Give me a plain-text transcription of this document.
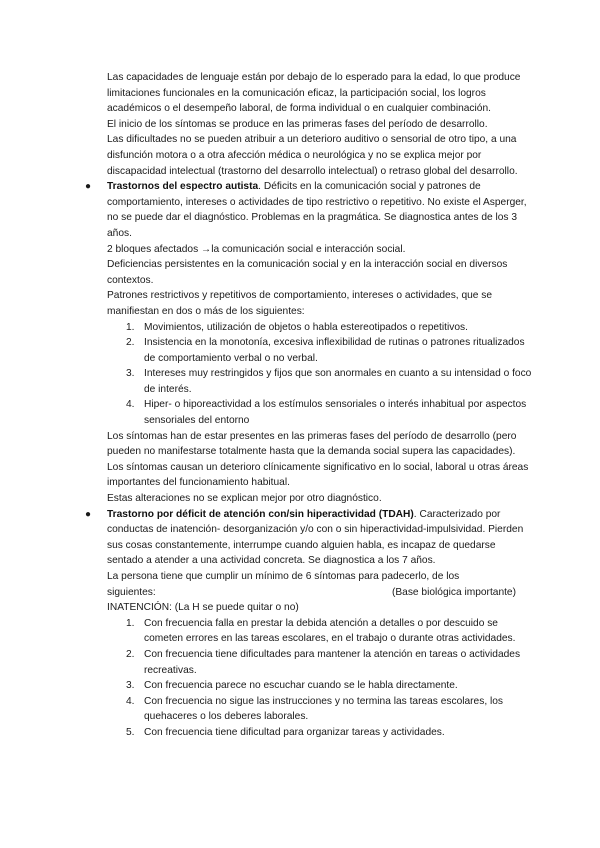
Las capacidades de lenguaje están por debajo de lo esperado para la edad, lo que produce limitaciones funcionales en la comunicación eficaz, la participación social, los logros académicos o el desempeño laboral, de forma individual o en cualquier combinación.

El inicio de los síntomas se produce en las primeras fases del período de desarrollo.

Las dificultades no se pueden atribuir a un deterioro auditivo o sensorial de otro tipo, a una disfunción motora o a otra afección médica o neurológica y no se explica mejor por discapacidad intelectual (trastorno del desarrollo intelectual) o retraso global del desarrollo.

● Trastornos del espectro autista. Déficits en la comunicación social y patrones de comportamiento, intereses o actividades de tipo restrictivo o repetitivo. No existe el Asperger, no se puede dar el diagnóstico. Problemas en la pragmática. Se diagnostica antes de los 3 años.

2 bloques afectados →la comunicación social e interacción social.

Deficiencias persistentes en la comunicación social y en la interacción social en diversos contextos.

Patrones restrictivos y repetitivos de comportamiento, intereses o actividades, que se manifiestan en dos o más de los siguientes:

1. Movimientos, utilización de objetos o habla estereotipados o repetitivos.
2. Insistencia en la monotonía, excesiva inflexibilidad de rutinas o patrones ritualizados de comportamiento verbal o no verbal.
3. Intereses muy restringidos y fijos que son anormales en cuanto a su intensidad o foco de interés.
4. Hiper- o hiporeactividad a los estímulos sensoriales o interés inhabitual por aspectos sensoriales del entorno

Los síntomas han de estar presentes en las primeras fases del período de desarrollo (pero pueden no manifestarse totalmente hasta que la demanda social supera las capacidades).

Los síntomas causan un deterioro clínicamente significativo en lo social, laboral u otras áreas importantes del funcionamiento habitual.

Estas alteraciones no se explican mejor por otro diagnóstico.

● Trastorno por déficit de atención con/sin hiperactividad (TDAH). Caracterizado por conductas de inatención- desorganización y/o con o sin hiperactividad-impulsividad. Pierden sus cosas constantemente, interrumpe cuando alguien habla, es incapaz de quedarse sentado a atender a una actividad concreta. Se diagnostica a los 7 años.

La persona tiene que cumplir un mínimo de 6 síntomas para padecerlo, de los

siguientes:	(Base biológica importante)

INATENCIÓN: (La H se puede quitar o no)

1. Con frecuencia falla en prestar la debida atención a detalles o por descuido se cometen errores en las tareas escolares, en el trabajo o durante otras actividades.
2. Con frecuencia tiene dificultades para mantener la atención en tareas o actividades recreativas.
3. Con frecuencia parece no escuchar cuando se le habla directamente.
4. Con frecuencia no sigue las instrucciones y no termina las tareas escolares, los quehaceres o los deberes laborales.
5. Con frecuencia tiene dificultad para organizar tareas y actividades.
